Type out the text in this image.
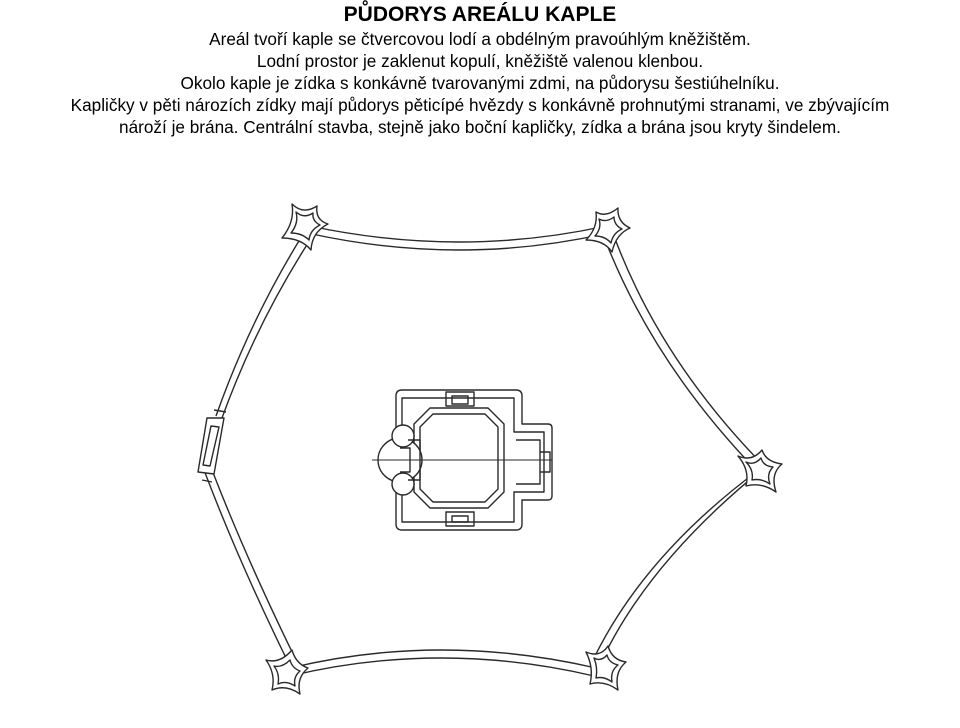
PŮDORYS AREÁLU KAPLE

Areál tvoří kaple se čtvercovou lodí a obdélným pravoúhlým kněžištěm.

Lodní prostor je zaklenut kopulí, kněžiště valenou klenbou.

Okolo kaple je zídka s konkávně tvarovanými zdmi, na půdorysu šestiúhelníku.

Kapličky v pěti nározích zídky mají půdorys pěticípé hvězdy s konkávně prohnutými stranami, ve zbývajícím

nároží je brána. Centrální stavba, stejně jako boční kapličky, zídka a brána jsou kryty šindelem.
